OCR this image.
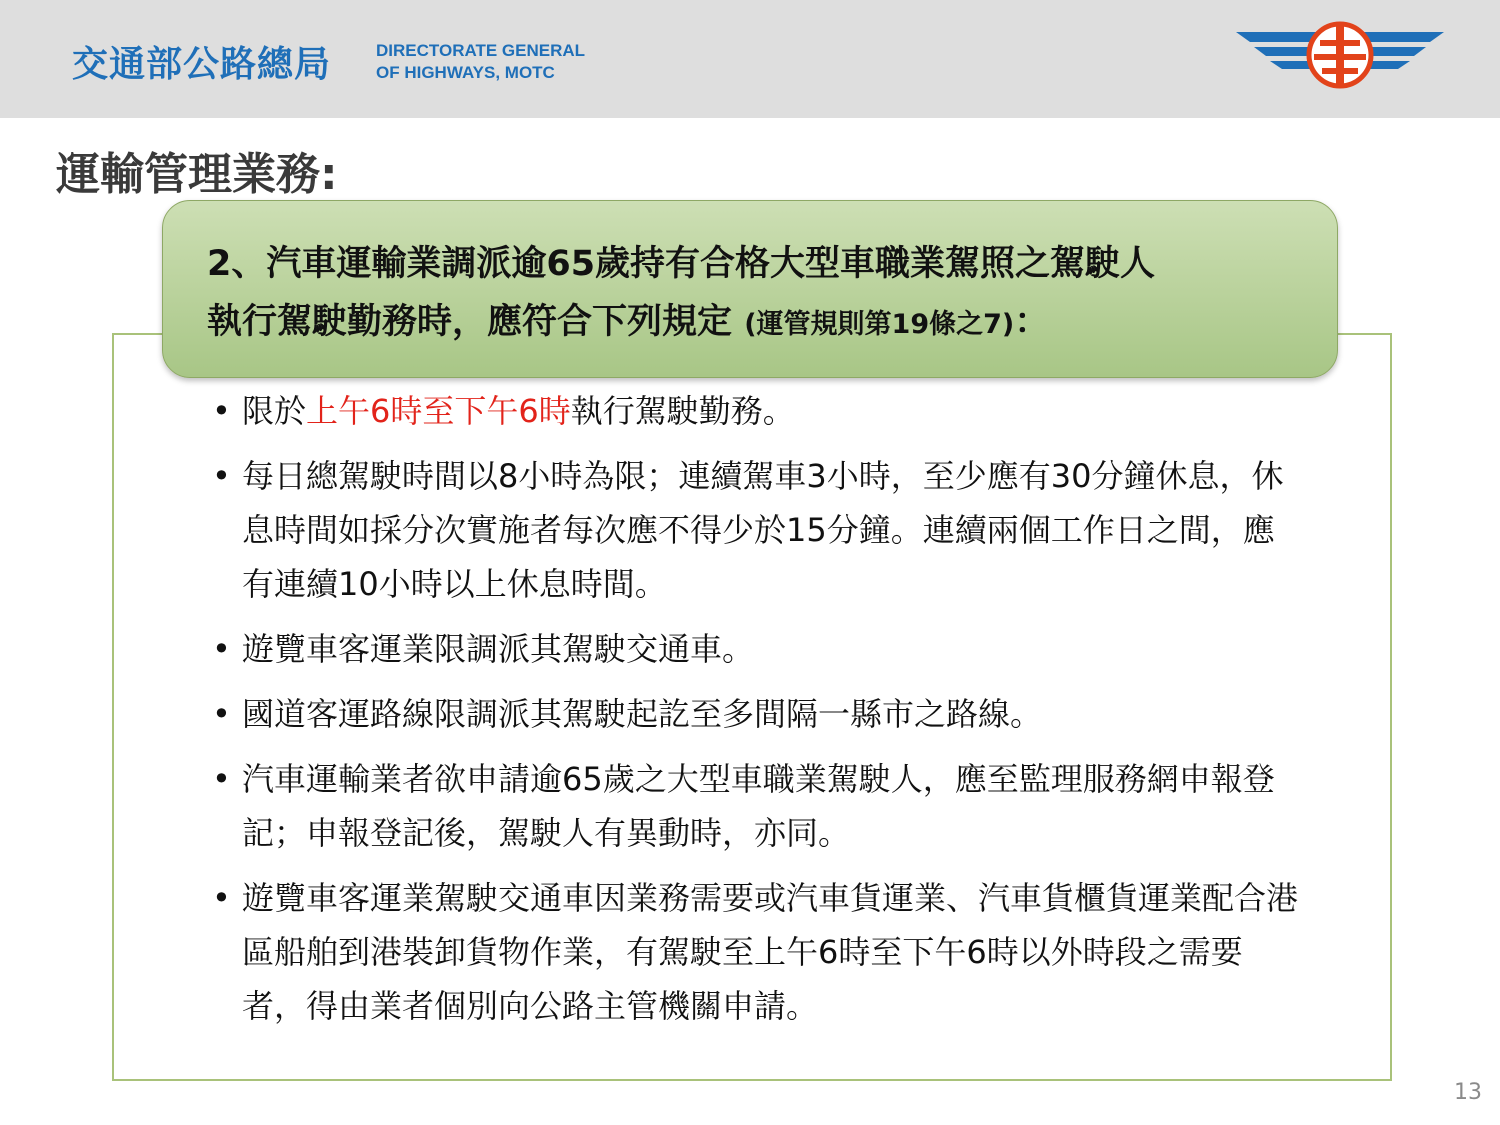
交通部公路總局	DIRECTORATE GENERAL
OF HIGHWAYS, MOTC
運輸管理業務:
2、汽車運輸業調派逾65歲持有合格大型車職業駕照之駕駛人
執行駕駛勤務時，應符合下列規定 (運管規則第19條之7)：
• 限於上午6時至下午6時執行駕駛勤務。
• 每日總駕駛時間以8小時為限；連續駕車3小時，至少應有30分鐘休息，休息時間如採分次實施者每次應不得少於15分鐘。連續兩個工作日之間，應有連續10小時以上休息時間。
• 遊覽車客運業限調派其駕駛交通車。
• 國道客運路線限調派其駕駛起訖至多間隔一縣市之路線。
• 汽車運輸業者欲申請逾65歲之大型車職業駕駛人，應至監理服務網申報登記；申報登記後，駕駛人有異動時，亦同。
• 遊覽車客運業駕駛交通車因業務需要或汽車貨運業、汽車貨櫃貨運業配合港區船舶到港裝卸貨物作業，有駕駛至上午6時至下午6時以外時段之需要者，得由業者個別向公路主管機關申請。
13
